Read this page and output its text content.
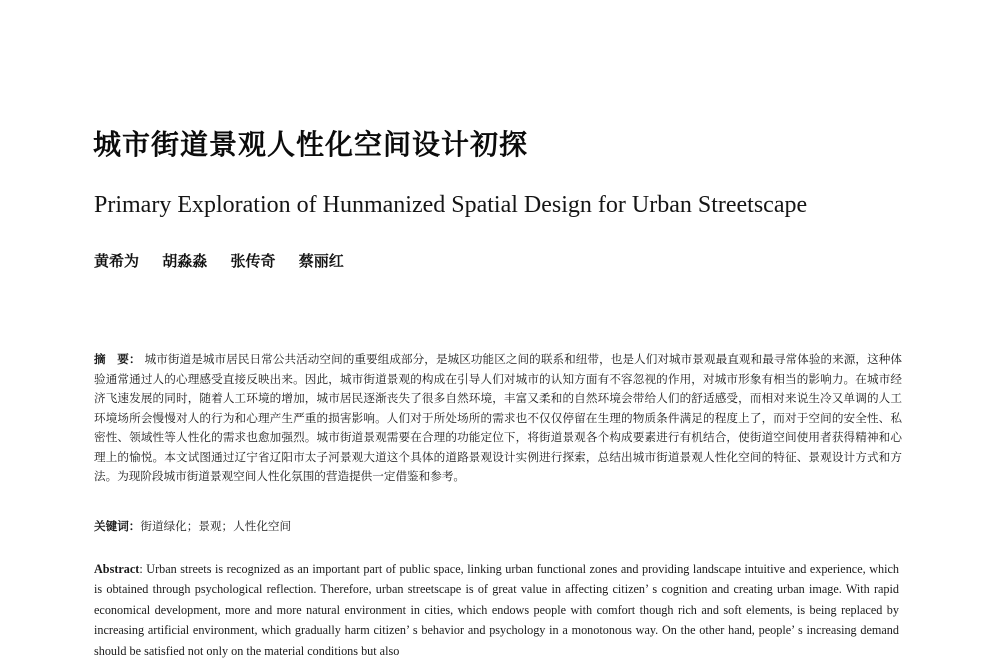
城市街道景观人性化空间设计初探
Primary Exploration of Hunmanized Spatial Design for Urban Streetscape
黄希为 胡淼淼 张传奇 蔡丽红
摘　要： 城市街道是城市居民日常公共活动空间的重要组成部分，是城区功能区之间的联系和纽带，也是人们对城市景观最直观和最寻常体验的来源，这种体验通常通过人的心理感受直接反映出来。因此，城市街道景观的构成在引导人们对城市的认知方面有不容忽视的作用，对城市形象有相当的影响力。在城市经济飞速发展的同时，随着人工环境的增加，城市居民逐渐丧失了很多自然环境，丰富又柔和的自然环境会带给人们的舒适感受，而相对来说生冷又单调的人工环境场所会慢慢对人的行为和心理产生严重的损害影响。人们对于所处场所的需求也不仅仅停留在生理的物质条件满足的程度上了，而对于空间的安全性、私密性、领域性等人性化的需求也愈加强烈。城市街道景观需要在合理的功能定位下，将街道景观各个构成要素进行有机结合，使街道空间使用者获得精神和心理上的愉悦。本文试图通过辽宁省辽阳市太子河景观大道这个具体的道路景观设计实例进行探索，总结出城市街道景观人性化空间的特征、景观设计方式和方法。为现阶段城市街道景观空间人性化氛围的营造提供一定借鉴和参考。
关键词：街道绿化；景观；人性化空间
Abstract: Urban streets is recognized as an important part of public space, linking urban functional zones and providing landscape intuitive and experience, which is obtained through psychological reflection. Therefore, urban streetscape is of great value in affecting citizen’ s cognition and creating urban image. With rapid economical development, more and more natural environment in cities, which endows people with comfort though rich and soft elements, is being replaced by increasing artificial environment, which gradually harm citizen’ s behavior and psychology in a monotonous way. On the other hand, people’ s increasing demand should be satisfied not only on the material conditions but also
